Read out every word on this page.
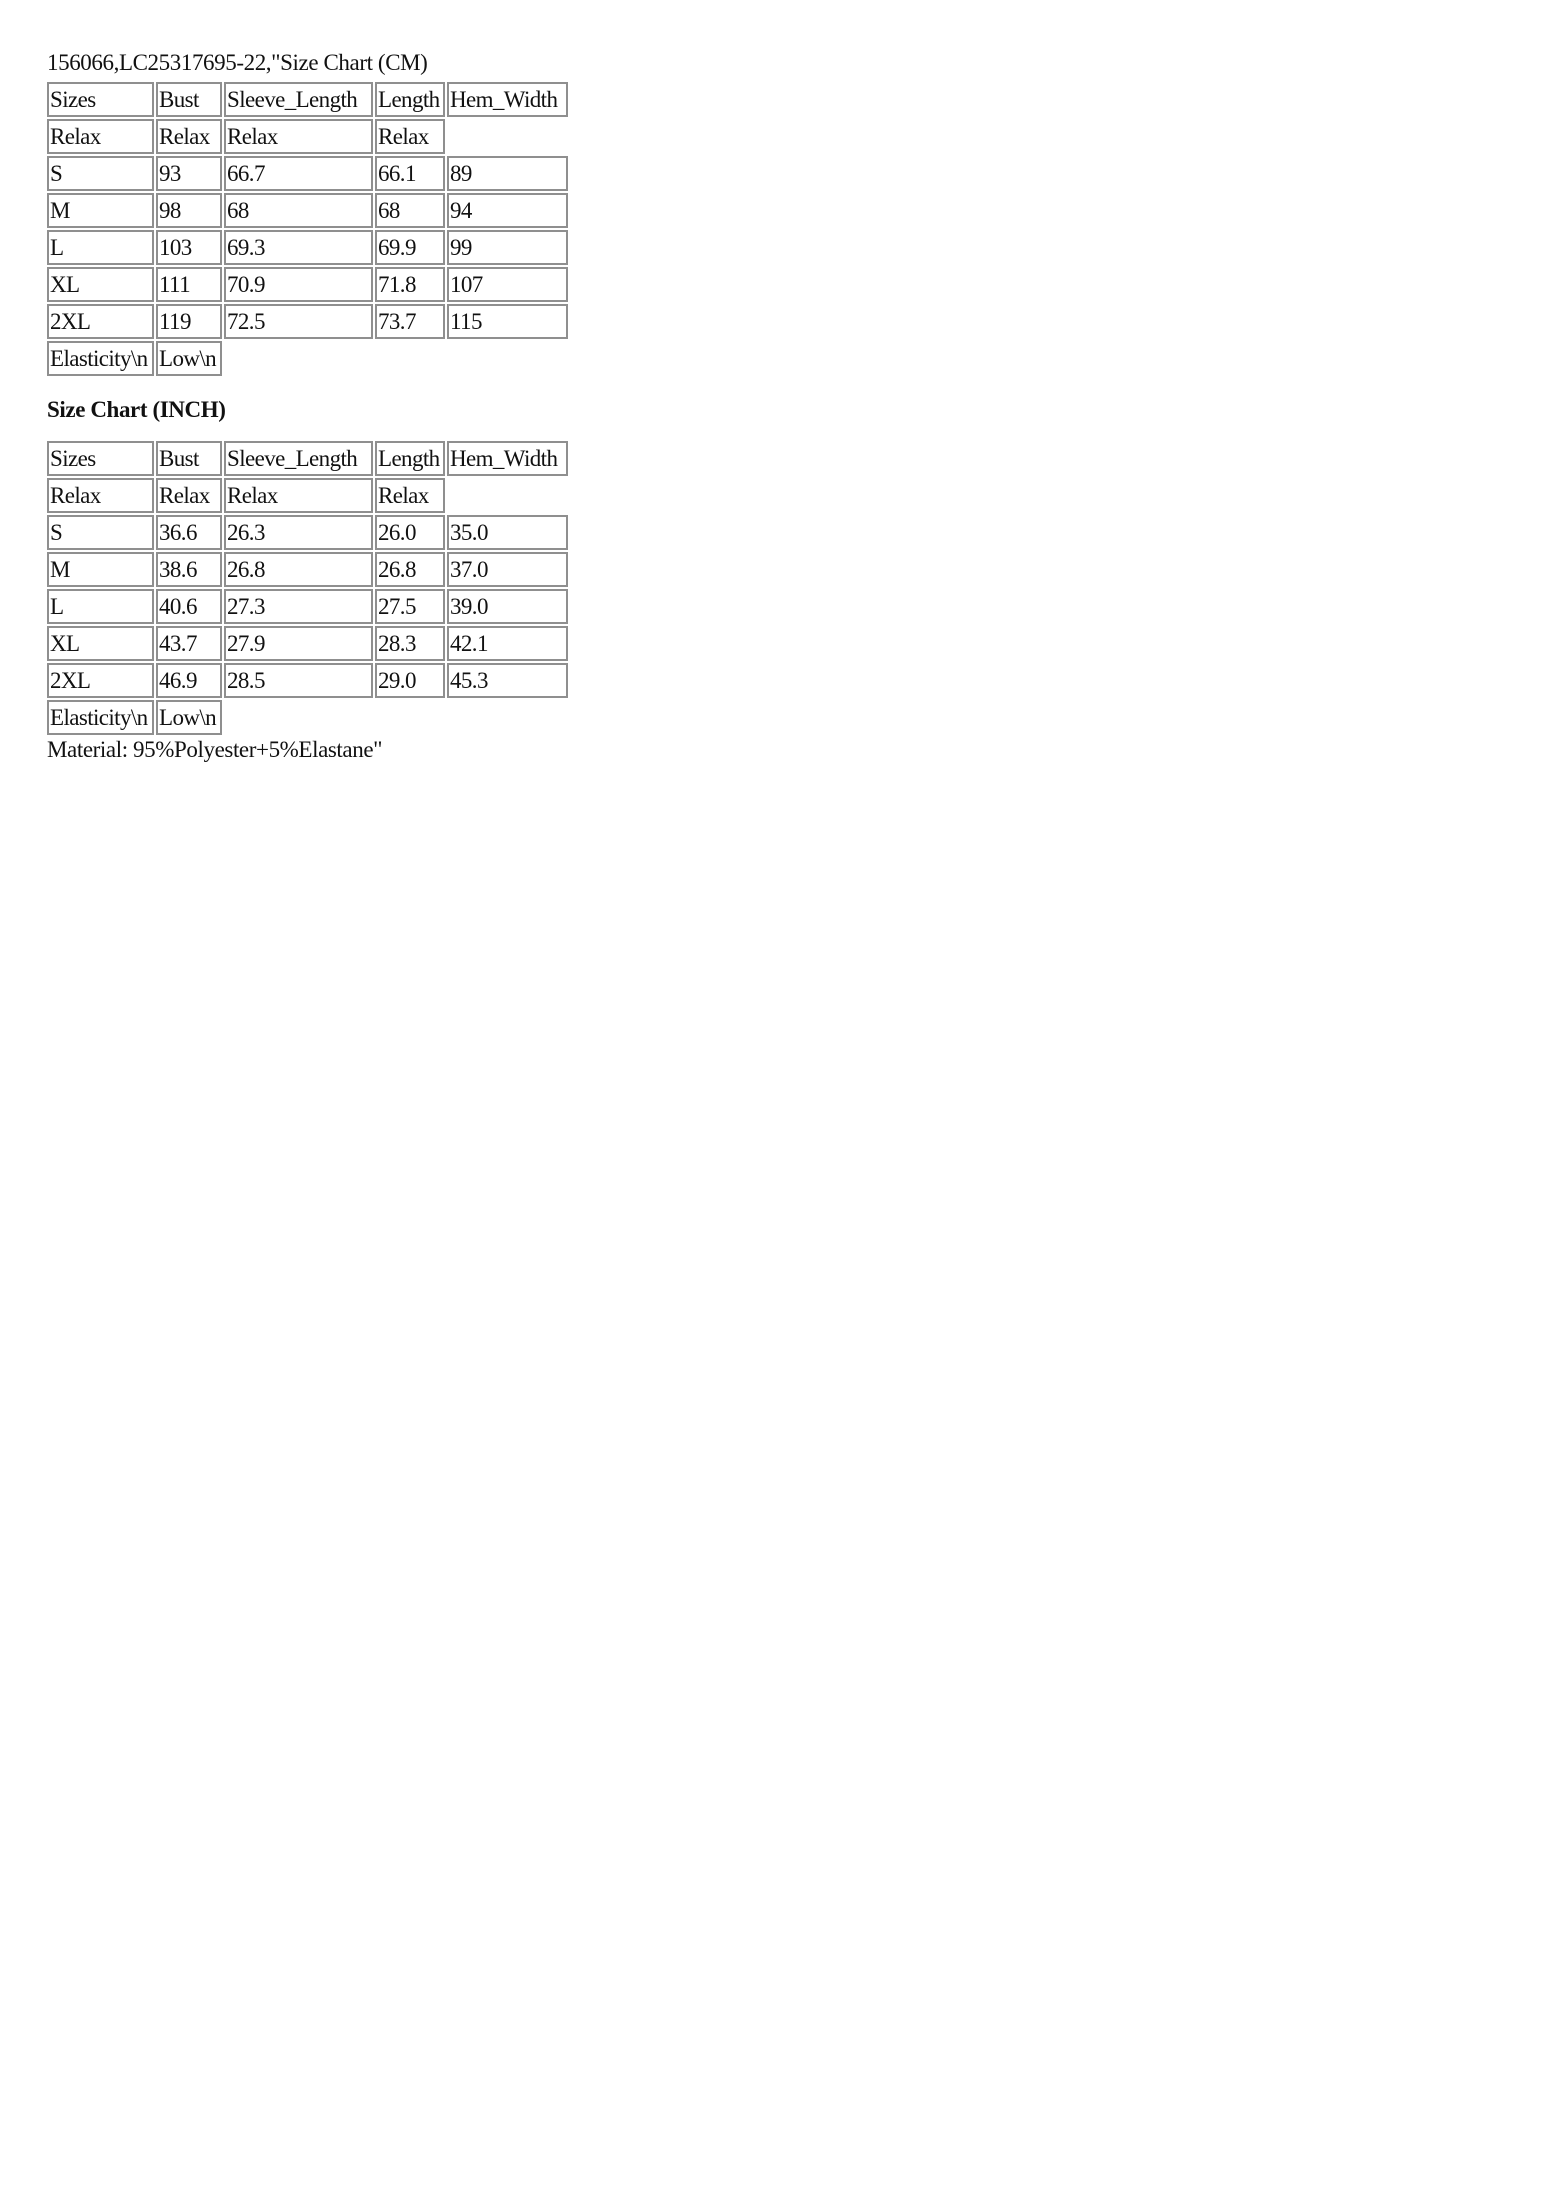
156066,LC25317695-22,"Size Chart (CM)
Sizes	Bust	Sleeve_Length	Length	Hem_Width
Relax	Relax	Relax	Relax	
S	93	66.7	66.1	89
M	98	68	68	94
L	103	69.3	69.9	99
XL	111	70.9	71.8	107
2XL	119	72.5	73.7	115
Elasticity\n	Low\n			
Size Chart (INCH)
Sizes	Bust	Sleeve_Length	Length	Hem_Width
Relax	Relax	Relax	Relax	
S	36.6	26.3	26.0	35.0
M	38.6	26.8	26.8	37.0
L	40.6	27.3	27.5	39.0
XL	43.7	27.9	28.3	42.1
2XL	46.9	28.5	29.0	45.3
Elasticity\n	Low\n			
Material: 95%Polyester+5%Elastane"
